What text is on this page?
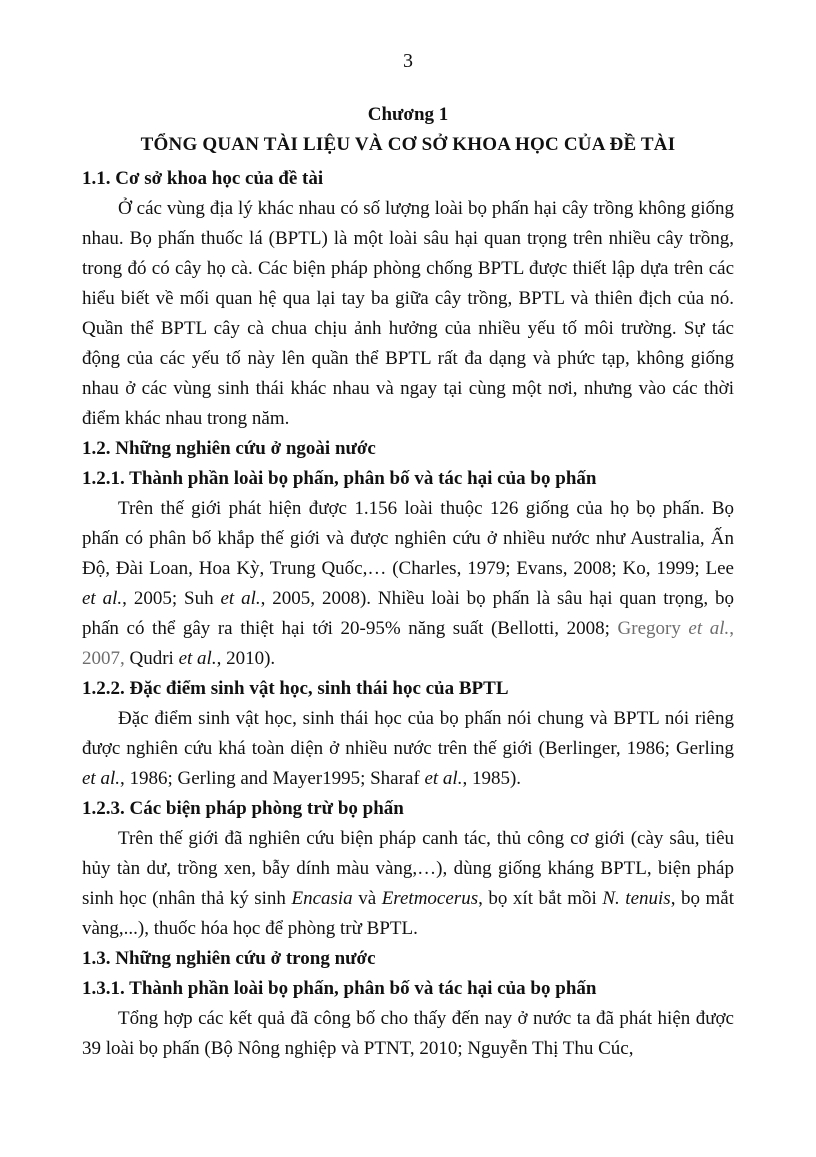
3
Chương 1
TỔNG QUAN TÀI LIỆU VÀ CƠ SỞ KHOA HỌC CỦA ĐỀ TÀI
1.1. Cơ sở khoa học của đề tài

Ở các vùng địa lý khác nhau có số lượng loài bọ phấn hại cây trồng không giống nhau. Bọ phấn thuốc lá (BPTL) là một loài sâu hại quan trọng trên nhiều cây trồng, trong đó có cây họ cà. Các biện pháp phòng chống BPTL được thiết lập dựa trên các hiểu biết về mối quan hệ qua lại tay ba giữa cây trồng, BPTL và thiên địch của nó. Quần thể BPTL cây cà chua chịu ảnh hưởng của nhiều yếu tố môi trường. Sự tác động của các yếu tố này lên quần thể BPTL rất đa dạng và phức tạp, không giống nhau ở các vùng sinh thái khác nhau và ngay tại cùng một nơi, nhưng vào các thời điểm khác nhau trong năm.

1.2. Những nghiên cứu ở ngoài nước
1.2.1. Thành phần loài bọ phấn, phân bố và tác hại của bọ phấn

Trên thế giới phát hiện được 1.156 loài thuộc 126 giống của họ bọ phấn. Bọ phấn có phân bố khắp thế giới và được nghiên cứu ở nhiều nước như Australia, Ấn Độ, Đài Loan, Hoa Kỳ, Trung Quốc,… (Charles, 1979; Evans, 2008; Ko, 1999; Lee et al., 2005; Suh et al., 2005, 2008). Nhiều loài bọ phấn là sâu hại quan trọng, bọ phấn có thể gây ra thiệt hại tới 20-95% năng suất (Bellotti, 2008; Gregory et al., 2007, Qudri et al., 2010).

1.2.2. Đặc điểm sinh vật học, sinh thái học của BPTL

Đặc điểm sinh vật học, sinh thái học của bọ phấn nói chung và BPTL nói riêng được nghiên cứu khá toàn diện ở nhiều nước trên thế giới (Berlinger, 1986; Gerling et al., 1986; Gerling and Mayer1995; Sharaf et al., 1985).

1.2.3. Các biện pháp phòng trừ bọ phấn

Trên thế giới đã nghiên cứu biện pháp canh tác, thủ công cơ giới (cày sâu, tiêu hủy tàn dư, trồng xen, bẫy dính màu vàng,…), dùng giống kháng BPTL, biện pháp sinh học (nhân thả ký sinh Encasia và Eretmocerus, bọ xít bắt mồi N. tenuis, bọ mắt vàng,...), thuốc hóa học để phòng trừ BPTL.

1.3. Những nghiên cứu ở trong nước
1.3.1. Thành phần loài bọ phấn, phân bố và tác hại của bọ phấn

Tổng hợp các kết quả đã công bố cho thấy đến nay ở nước ta đã phát hiện được 39 loài bọ phấn (Bộ Nông nghiệp và PTNT, 2010; Nguyễn Thị Thu Cúc,
